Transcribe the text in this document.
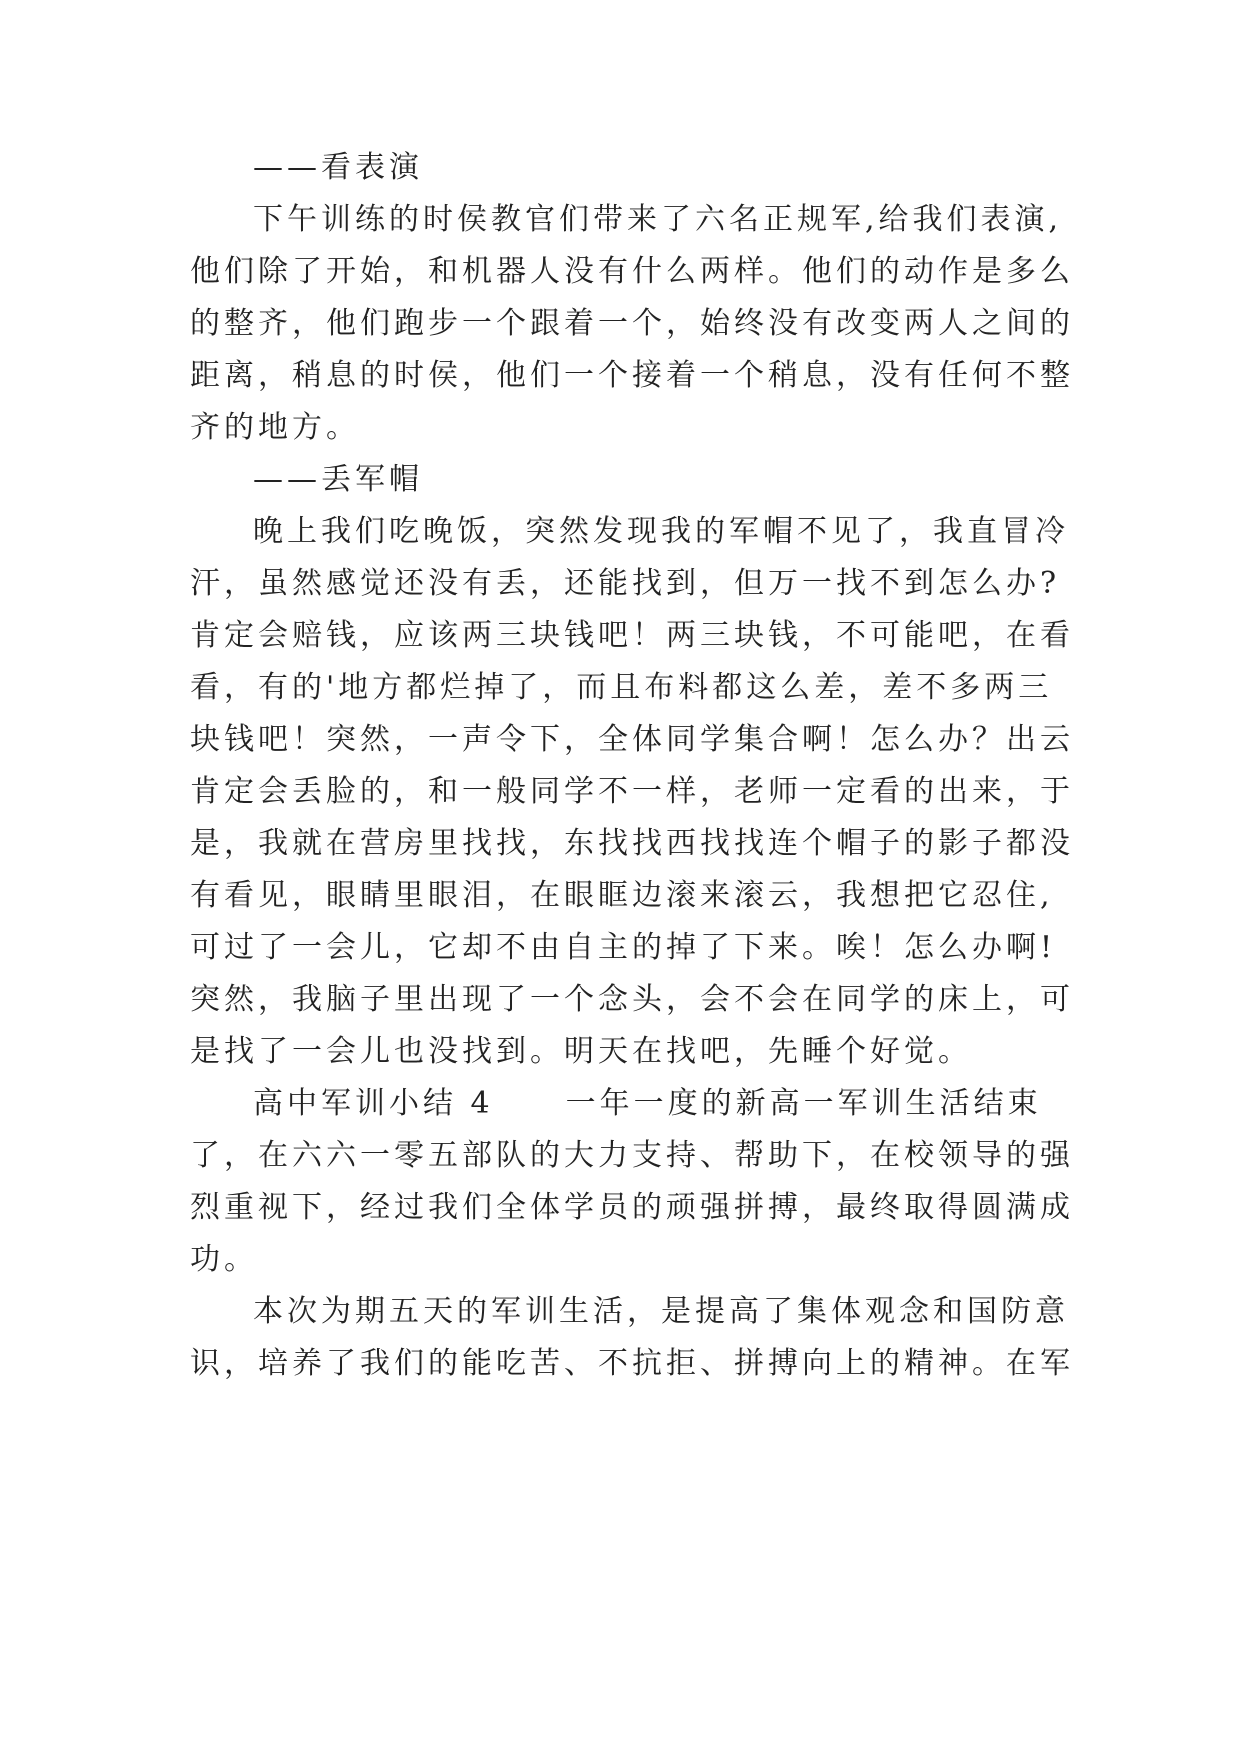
——看表演
下午训练的时侯教官们带来了六名正规军,给我们表演,
他们除了开始，和机器人没有什么两样。他们的动作是多么
的整齐，他们跑步一个跟着一个，始终没有改变两人之间的
距离，稍息的时侯，他们一个接着一个稍息，没有任何不整
齐的地方。
——丢军帽
晚上我们吃晚饭，突然发现我的军帽不见了，我直冒冷
汗，虽然感觉还没有丢，还能找到，但万一找不到怎么办?
肯定会赔钱，应该两三块钱吧！两三块钱，不可能吧，在看
看，有的'地方都烂掉了，而且布料都这么差，差不多两三
块钱吧！突然，一声令下，全体同学集合啊！怎么办？出云
肯定会丢脸的，和一般同学不一样，老师一定看的出来，于
是，我就在营房里找找，东找找西找找连个帽子的影子都没
有看见，眼睛里眼泪，在眼眶边滚来滚云，我想把它忍住,
可过了一会儿，它却不由自主的掉了下来。唉！怎么办啊!
突然，我脑子里出现了一个念头，会不会在同学的床上，可
是找了一会儿也没找到。明天在找吧，先睡个好觉。
高中军训小结 4 一年一度的新高一军训生活结束
了，在六六一零五部队的大力支持、帮助下，在校领导的强
烈重视下，经过我们全体学员的顽强拼搏，最终取得圆满成
功。
本次为期五天的军训生活，是提高了集体观念和国防意
识，培养了我们的能吃苦、不抗拒、拼搏向上的精神。在军
